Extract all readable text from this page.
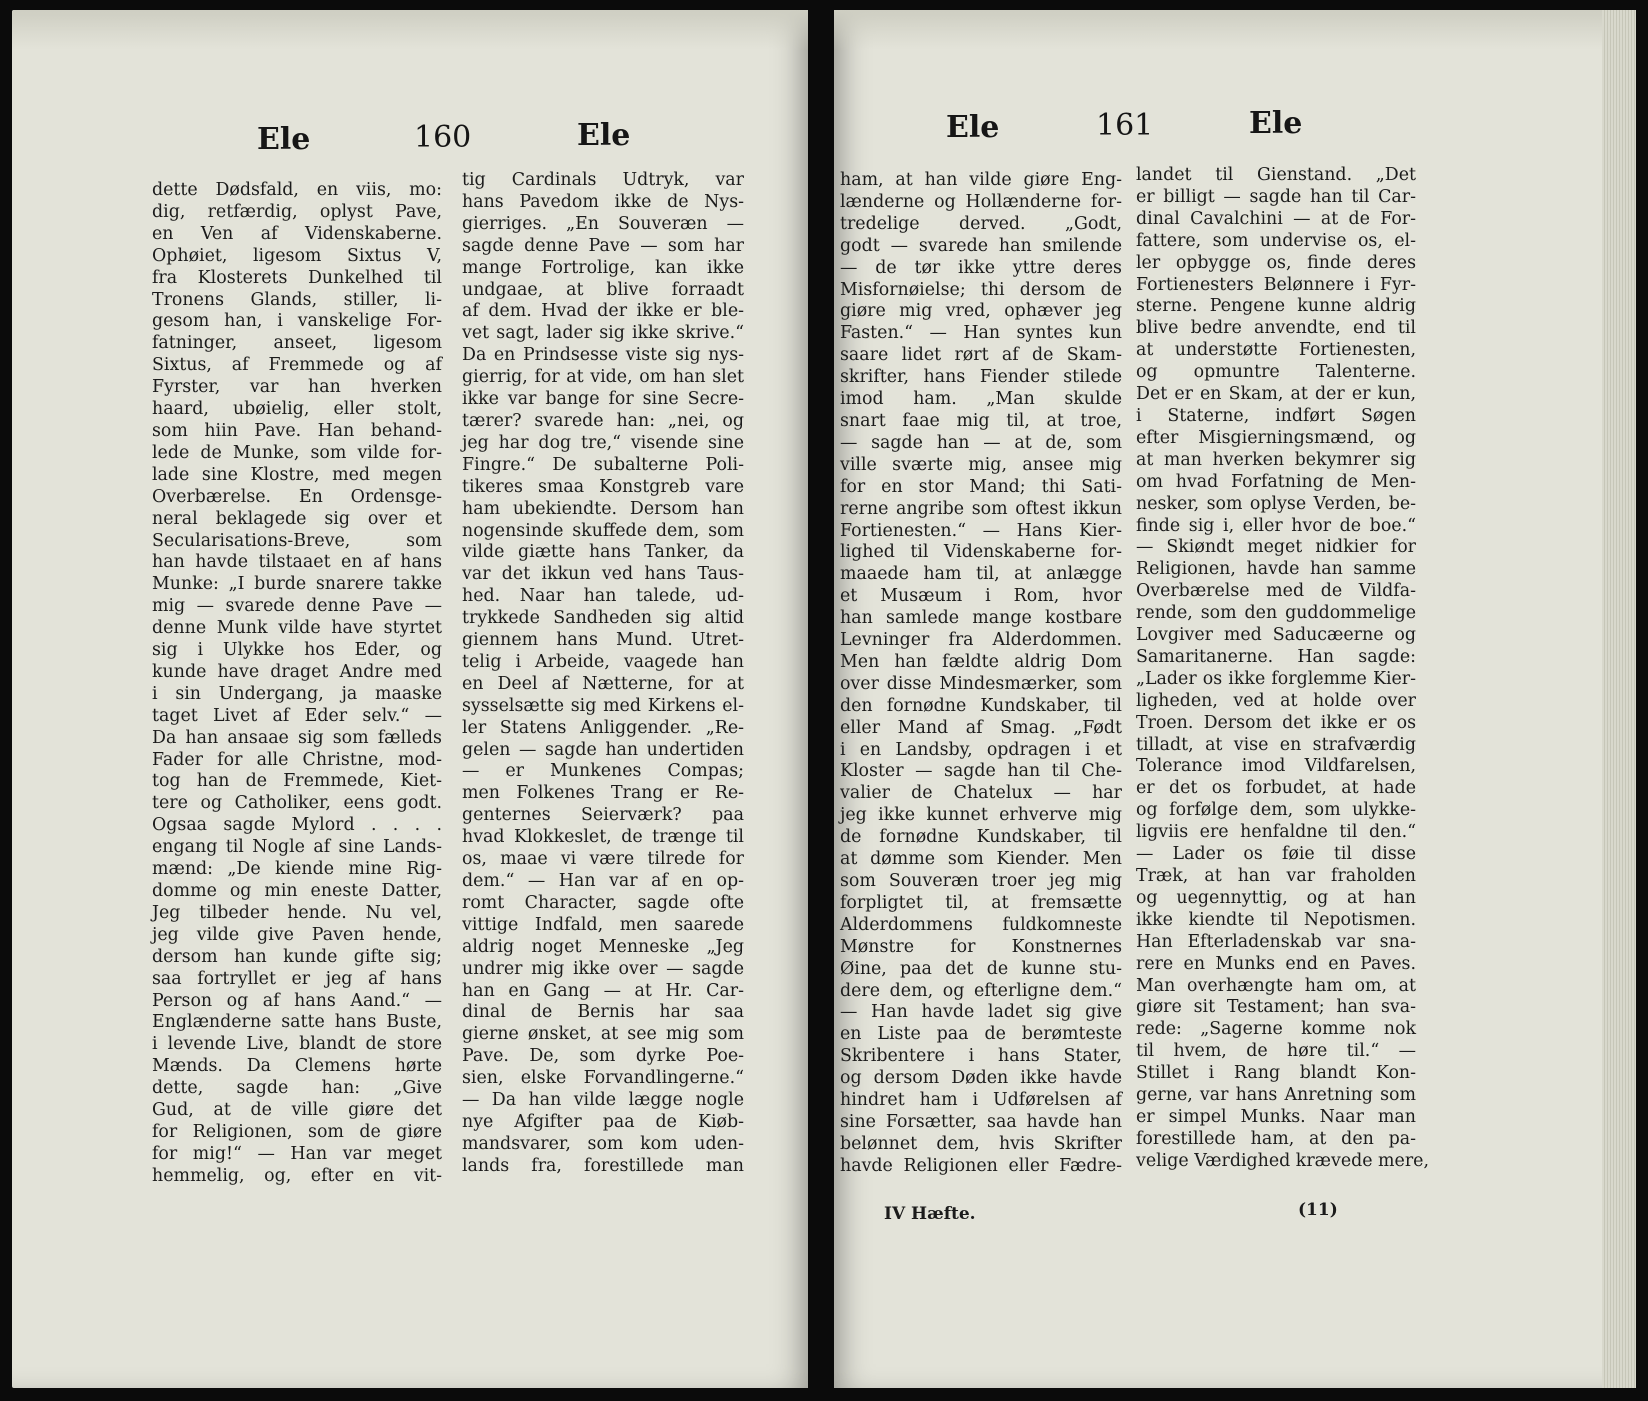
Ele	160	Ele
dette Dødsfald, en viis, mo:
dig, retfærdig, oplyst Pave,
en Ven af Videnskaberne.
Ophøiet, ligesom Sixtus V,
fra Klosterets Dunkelhed til
Tronens Glands, stiller, li-
gesom han, i vanskelige For-
fatninger, anseet, ligesom
Sixtus, af Fremmede og af
Fyrster, var han hverken
haard, ubøielig, eller stolt,
som hiin Pave. Han behand-
lede de Munke, som vilde for-
lade sine Klostre, med megen
Overbærelse. En Ordensge-
neral beklagede sig over et
Secularisations-Breve, som
han havde tilstaaet en af hans
Munke: „I burde snarere takke
mig — svarede denne Pave —
denne Munk vilde have styrtet
sig i Ulykke hos Eder, og
kunde have draget Andre med
i sin Undergang, ja maaske
taget Livet af Eder selv.“ —
Da han ansaae sig som fælleds
Fader for alle Christne, mod-
tog han de Fremmede, Kiet-
tere og Catholiker, eens godt.
Ogsaa sagde Mylord . . . .
engang til Nogle af sine Lands-
mænd: „De kiende mine Rig-
domme og min eneste Datter,
Jeg tilbeder hende. Nu vel,
jeg vilde give Paven hende,
dersom han kunde gifte sig;
saa fortryllet er jeg af hans
Person og af hans Aand.“ —
Englænderne satte hans Buste,
i levende Live, blandt de store
Mænds. Da Clemens hørte
dette, sagde han: „Give
Gud, at de ville giøre det
for Religionen, som de giøre
for mig!“ — Han var meget
hemmelig, og, efter en vit-
tig Cardinals Udtryk, var
hans Pavedom ikke de Nys-
gierriges. „En Souveræn —
sagde denne Pave — som har
mange Fortrolige, kan ikke
undgaae, at blive forraadt
af dem. Hvad der ikke er ble-
vet sagt, lader sig ikke skrive.“
Da en Prindsesse viste sig nys-
gierrig, for at vide, om han slet
ikke var bange for sine Secre-
tærer? svarede han: „nei, og
jeg har dog tre,“ visende sine
Fingre.“ De subalterne Poli-
tikeres smaa Konstgreb vare
ham ubekiendte. Dersom han
nogensinde skuffede dem, som
vilde giætte hans Tanker, da
var det ikkun ved hans Taus-
hed. Naar han talede, ud-
trykkede Sandheden sig altid
giennem hans Mund. Utret-
telig i Arbeide, vaagede han
en Deel af Nætterne, for at
sysselsætte sig med Kirkens el-
ler Statens Anliggender. „Re-
gelen — sagde han undertiden
— er Munkenes Compas;
men Folkenes Trang er Re-
genternes Seierværk? paa
hvad Klokkeslet, de trænge til
os, maae vi være tilrede for
dem.“ — Han var af en op-
romt Character, sagde ofte
vittige Indfald, men saarede
aldrig noget Menneske „Jeg
undrer mig ikke over — sagde
han en Gang — at Hr. Car-
dinal de Bernis har saa
gierne ønsket, at see mig som
Pave. De, som dyrke Poe-
sien, elske Forvandlingerne.“
— Da han vilde lægge nogle
nye Afgifter paa de Kiøb-
mandsvarer, som kom uden-
lands fra, forestillede man
Ele	161	Ele
ham, at han vilde giøre Eng-
lænderne og Hollænderne for-
tredelige derved. „Godt,
godt — svarede han smilende
— de tør ikke yttre deres
Misfornøielse; thi dersom de
giøre mig vred, ophæver jeg
Fasten.“ — Han syntes kun
saare lidet rørt af de Skam-
skrifter, hans Fiender stilede
imod ham. „Man skulde
snart faae mig til, at troe,
— sagde han — at de, som
ville sværte mig, ansee mig
for en stor Mand; thi Sati-
rerne angribe som oftest ikkun
Fortienesten.“ — Hans Kier-
lighed til Videnskaberne for-
maaede ham til, at anlægge
et Musæum i Rom, hvor
han samlede mange kostbare
Levninger fra Alderdommen.
Men han fældte aldrig Dom
over disse Mindesmærker, som
den fornødne Kundskaber, til
eller Mand af Smag. „Født
i en Landsby, opdragen i et
Kloster — sagde han til Che-
valier de Chatelux — har
jeg ikke kunnet erhverve mig
de fornødne Kundskaber, til
at dømme som Kiender. Men
som Souveræn troer jeg mig
forpligtet til, at fremsætte
Alderdommens fuldkomneste
Mønstre for Konstnernes
Øine, paa det de kunne stu-
dere dem, og efterligne dem.“
— Han havde ladet sig give
en Liste paa de berømteste
Skribentere i hans Stater,
og dersom Døden ikke havde
hindret ham i Udførelsen af
sine Forsætter, saa havde han
belønnet dem, hvis Skrifter
havde Religionen eller Fædre-
landet til Gienstand. „Det
er billigt — sagde han til Car-
dinal Cavalchini — at de For-
fattere, som undervise os, el-
ler opbygge os, finde deres
Fortienesters Belønnere i Fyr-
sterne. Pengene kunne aldrig
blive bedre anvendte, end til
at understøtte Fortienesten,
og opmuntre Talenterne.
Det er en Skam, at der er kun,
i Staterne, indført Søgen
efter Misgierningsmænd, og
at man hverken bekymrer sig
om hvad Forfatning de Men-
nesker, som oplyse Verden, be-
finde sig i, eller hvor de boe.“
— Skiøndt meget nidkier for
Religionen, havde han samme
Overbærelse med de Vildfa-
rende, som den guddommelige
Lovgiver med Saducæerne og
Samaritanerne. Han sagde:
„Lader os ikke forglemme Kier-
ligheden, ved at holde over
Troen. Dersom det ikke er os
tilladt, at vise en strafværdig
Tolerance imod Vildfarelsen,
er det os forbudet, at hade
og forfølge dem, som ulykke-
ligviis ere henfaldne til den.“
— Lader os føie til disse
Træk, at han var fraholden
og uegennyttig, og at han
ikke kiendte til Nepotismen.
Han Efterladenskab var sna-
rere en Munks end en Paves.
Man overhængte ham om, at
giøre sit Testament; han sva-
rede: „Sagerne komme nok
til hvem, de høre til.“ —
Stillet i Rang blandt Kon-
gerne, var hans Anretning som
er simpel Munks. Naar man
forestillede ham, at den pa-
velige Værdighed krævede mere,
IV Hæfte.	(11)
